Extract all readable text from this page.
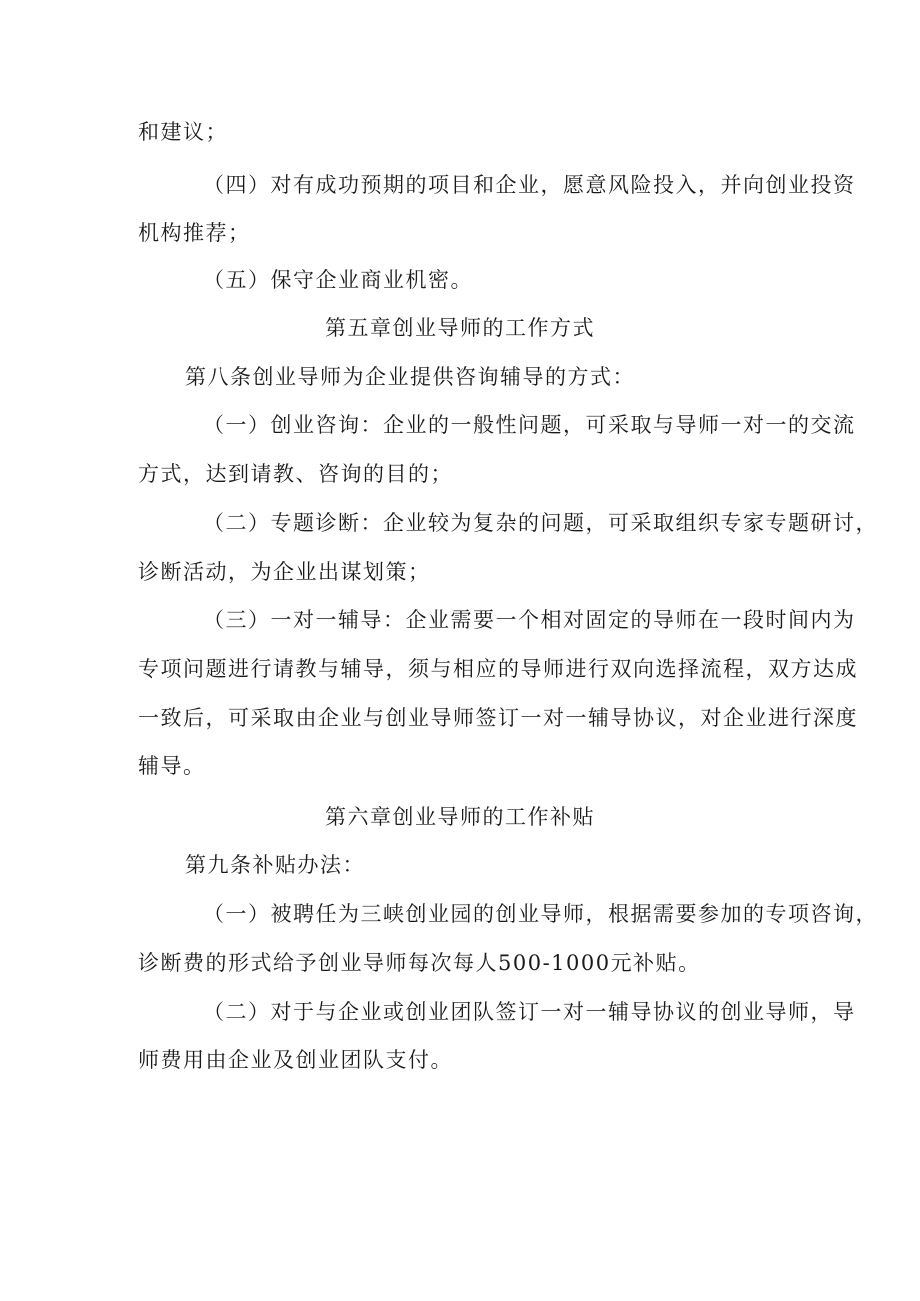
和建议；
（四）对有成功预期的项目和企业，愿意风险投入，并向创业投资
机构推荐；
（五）保守企业商业机密。
第五章创业导师的工作方式
第八条创业导师为企业提供咨询辅导的方式：
（一）创业咨询：企业的一般性问题，可采取与导师一对一的交流
方式，达到请教、咨询的目的；
（二）专题诊断：企业较为复杂的问题，可采取组织专家专题研讨，
诊断活动，为企业出谋划策；
（三）一对一辅导：企业需要一个相对固定的导师在一段时间内为
专项问题进行请教与辅导，须与相应的导师进行双向选择流程，双方达成
一致后，可采取由企业与创业导师签订一对一辅导协议，对企业进行深度
辅导。
第六章创业导师的工作补贴
第九条补贴办法：
（一）被聘任为三峡创业园的创业导师，根据需要参加的专项咨询，
诊断费的形式给予创业导师每次每人500-1000元补贴。
（二）对于与企业或创业团队签订一对一辅导协议的创业导师，导
师费用由企业及创业团队支付。
